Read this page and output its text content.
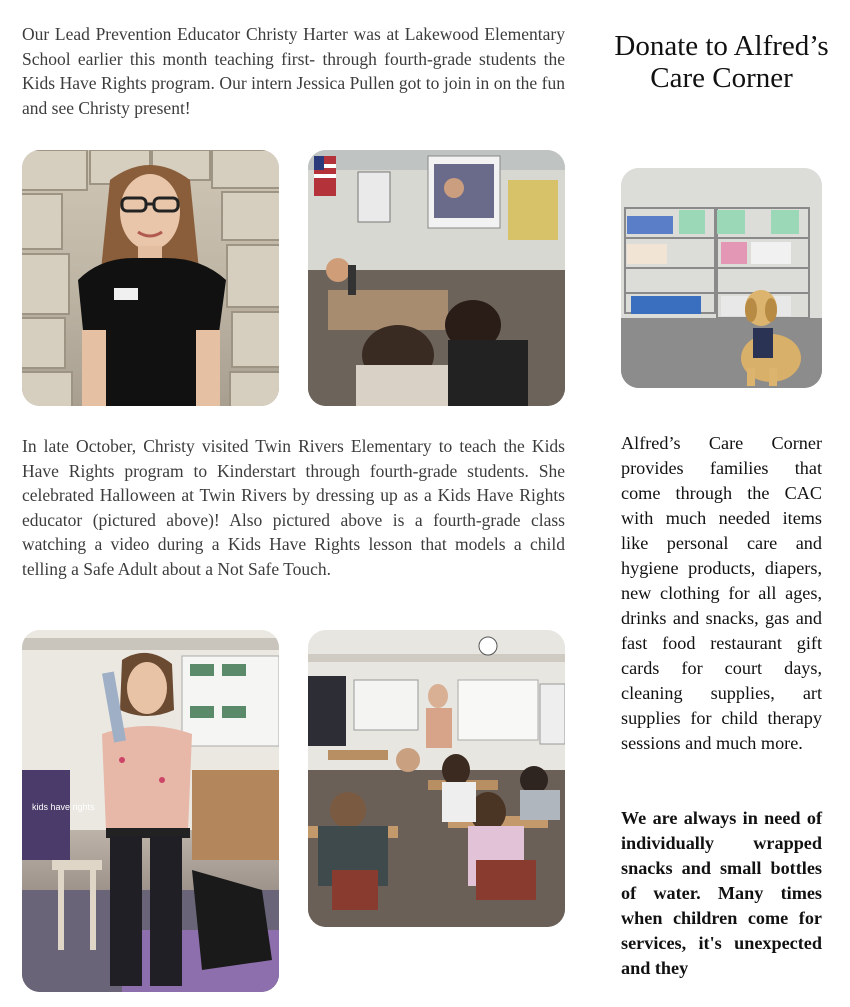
Our Lead Prevention Educator Christy Harter was at Lakewood Elementary School earlier this month teaching first- through fourth-grade students the Kids Have Rights program. Our intern Jessica Pullen got to join in on the fun and see Christy present!

In late October, Christy visited Twin Rivers Elementary to teach the Kids Have Rights program to Kinderstart through fourth-grade students. She celebrated Halloween at Twin Rivers by dressing up as a Kids Have Rights educator (pictured above)! Also pictured above is a fourth-grade class watching a video during a Kids Have Rights lesson that models a child telling a Safe Adult about a Not Safe Touch.

kids have rights
Donate to Alfred’s Care Corner

Alfred’s Care Corner provides families that come through the CAC with much needed items like personal care and hygiene products, diapers, new clothing for all ages, drinks and snacks, gas and fast food restaurant gift cards for court days, cleaning supplies, art supplies for child therapy sessions and much more.

We are always in need of individually wrapped snacks and small bottles of water. Many times when children come for services, it's unexpected and they
